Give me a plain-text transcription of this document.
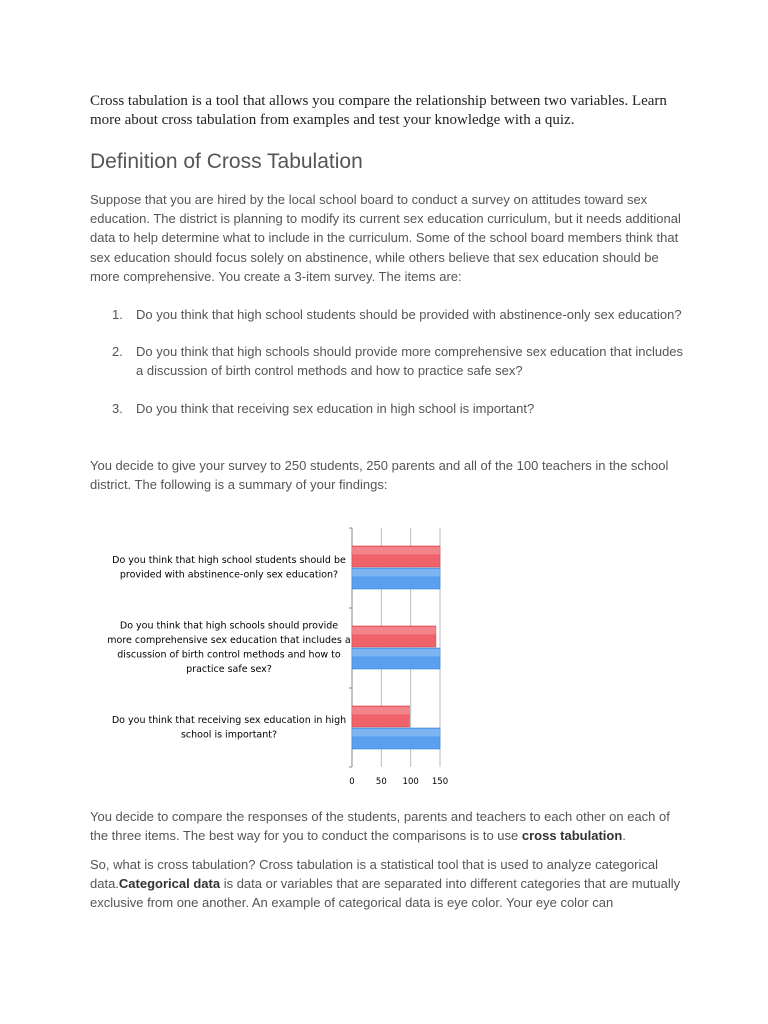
Cross tabulation is a tool that allows you compare the relationship between two variables. Learn more about cross tabulation from examples and test your knowledge with a quiz.

Definition of Cross Tabulation

Suppose that you are hired by the local school board to conduct a survey on attitudes toward sex education. The district is planning to modify its current sex education curriculum, but it needs additional data to help determine what to include in the curriculum. Some of the school board members think that sex education should focus solely on abstinence, while others believe that sex education should be more comprehensive. You create a 3-item survey. The items are:

1. Do you think that high school students should be provided with abstinence-only sex education?
2. Do you think that high schools should provide more comprehensive sex education that includes a discussion of birth control methods and how to practice safe sex?
3. Do you think that receiving sex education in high school is important?

You decide to give your survey to 250 students, 250 parents and all of the 100 teachers in the school district. The following is a summary of your findings:

Do you think that high school students should be
provided with abstinence-only sex education?
Do you think that high schools should provide
more comprehensive sex education that includes a
discussion of birth control methods and how to
practice safe sex?
Do you think that receiving sex education in high
school is important?
0 50 100 150

You decide to compare the responses of the students, parents and teachers to each other on each of the three items. The best way for you to conduct the comparisons is to use cross tabulation.

So, what is cross tabulation? Cross tabulation is a statistical tool that is used to analyze categorical data.Categorical data is data or variables that are separated into different categories that are mutually exclusive from one another. An example of categorical data is eye color. Your eye color can
